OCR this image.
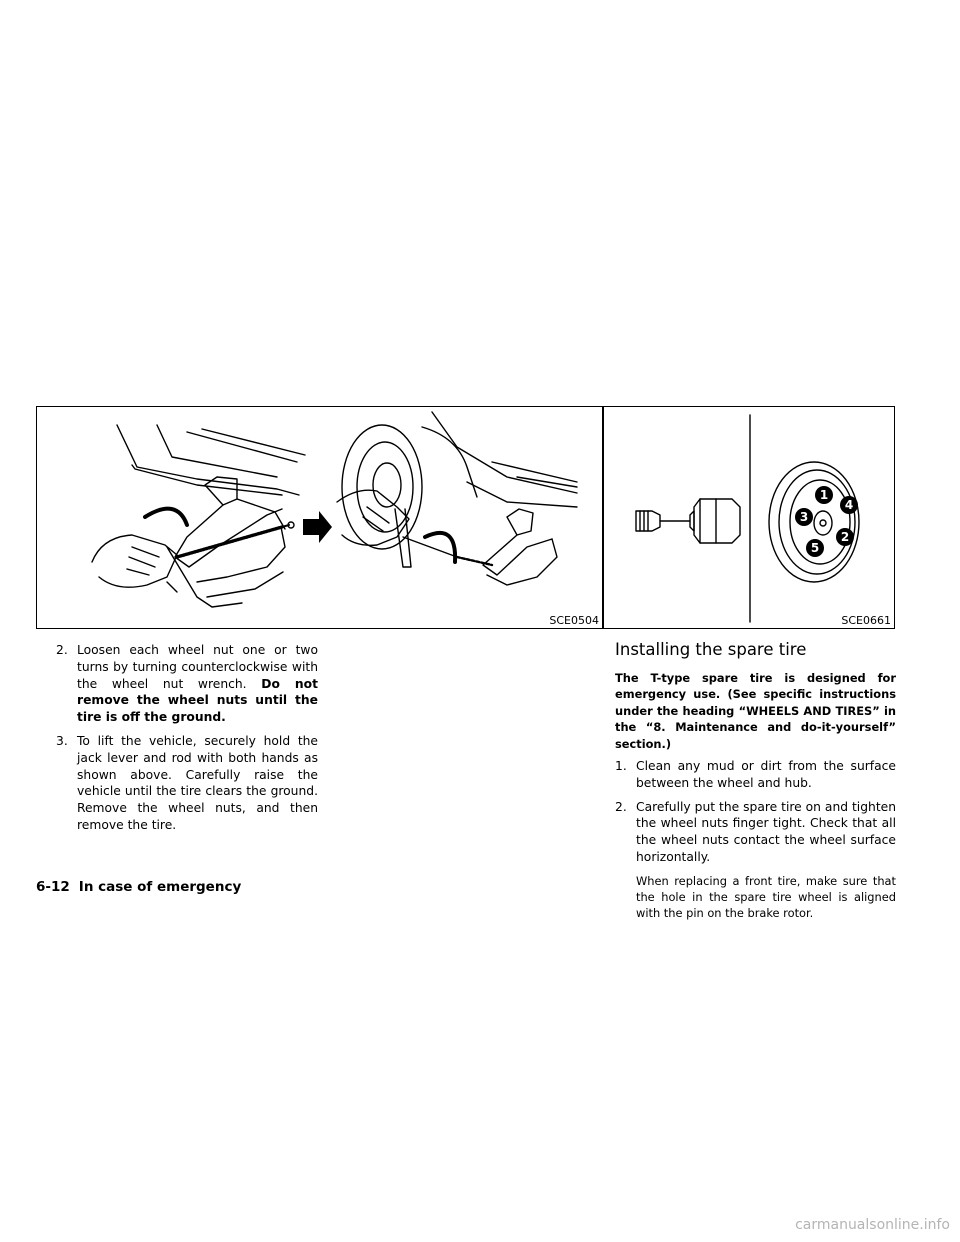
SCE0504
1
2
3
4
5
SCE0661
2. Loosen each wheel nut one or two turns by turning counterclockwise with the wheel nut wrench. Do not remove the wheel nuts until the tire is off the ground.
3. To lift the vehicle, securely hold the jack lever and rod with both hands as shown above. Carefully raise the vehicle until the tire clears the ground. Remove the wheel nuts, and then remove the tire.
Installing the spare tire

The T-type spare tire is designed for emergency use. (See specific instructions under the heading “WHEELS AND TIRES” in the “8. Maintenance and do-it-yourself” section.)

1. Clean any mud or dirt from the surface between the wheel and hub.
2. Carefully put the spare tire on and tighten the wheel nuts finger tight. Check that all the wheel nuts contact the wheel surface horizontally.

When replacing a front tire, make sure that the hole in the spare tire wheel is aligned with the pin on the brake rotor.

6-12 In case of emergency
carmanualsonline.info
